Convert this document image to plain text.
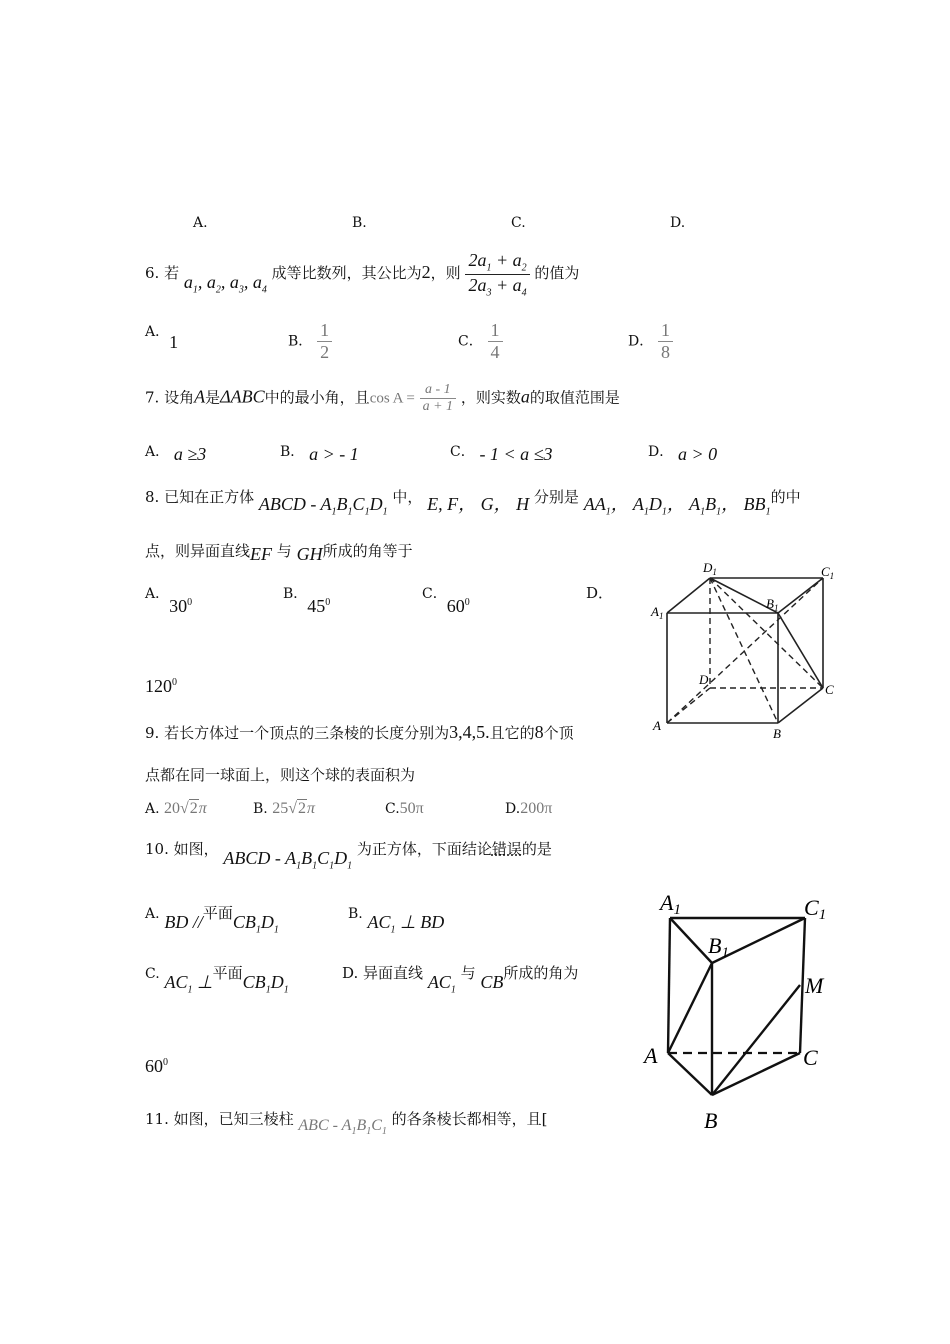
A.	B.	C.	D.
6. 若 $a_1$, $a_2$, $a_3$, $a_4$ 成等比数列，其公比为2，则 $\frac{2a_1 + a_2}{2a_3 + a_4}$ 的值为
A．1	B． $\frac{1}{2}$	C． $\frac{1}{4}$	D． $\frac{1}{8}$
7. 设角A是ΔABC中的最小角，且$\cos A = \frac{a - 1}{a + 1}$ ，则实数a的取值范围是
A． a ≥3	B． a > - 1	C． - 1 < a ≤3	D． a > 0
8. 已知在正方体 ABCD - $A_1B_1C_1D_1$ 中， E, F， G， H 分别是 $AA_1$， $A_1D_1$， $A_1B_1$， $BB_1$的中
点，则异面直线EF 与 GH所成的角等于
A．$30^0$
B．$45^0$
C．$60^0$
D．
$120^0$
$D_1$	$C_1$
$A_1$
$B_1$
D
C
A
B
9. 若长方体过一个顶点的三条棱的长度分别为3,4,5.且它的8个顶
点都在同一球面上，则这个球的表面积为
A. 20√2π	B. 25√2π	C.50π	D.200π
10. 如图， ABCD - $A_1B_1C_1D_1$ 为正方体，下面结论错误的是
A. BD //平面$CB_1D_1$
B. $AC_1$ ⊥ BD
C. $AC_1$ ⊥平面$CB_1D_1$
D. 异面直线 $AC_1$ 与 CB所成的角为
$60^0$
A1	C1
B1
M
A	C
B
11. 如图，已知三棱柱 ABC - $A_1B_1C_1$ 的各条棱长都相等，且[
